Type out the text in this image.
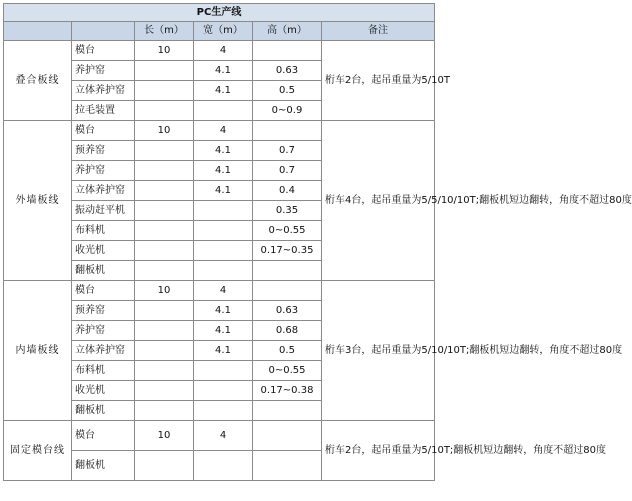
PC生产线					
		长（m）	宽（m）	高（m）	备注
叠合板线	模台	10	4		桁车2台，起吊重量为5/10T
	养护窑		4.1	0.63	
	立体养护窑		4.1	0.5	
	拉毛装置			0~0.9	
外墙板线	模台	10	4		桁车4台，起吊重量为5/5/10/10T;翻板机短边翻转，角度不超过80度
	预养窑		4.1	0.7	
	养护窑		4.1	0.7	
	立体养护窑		4.1	0.4	
	振动赶平机			0.35	
	布料机			0~0.55	
	收光机			0.17~0.35	
	翻板机				
内墙板线	模台	10	4		桁车3台，起吊重量为5/10/10T;翻板机短边翻转，角度不超过80度
	预养窑		4.1	0.63	
	养护窑		4.1	0.68	
	立体养护窑		4.1	0.5	
	布料机			0~0.55	
	收光机			0.17~0.38	
	翻板机				
固定模台线	模台	10	4		桁车2台，起吊重量为5/10T;翻板机短边翻转，角度不超过80度
	翻板机				
